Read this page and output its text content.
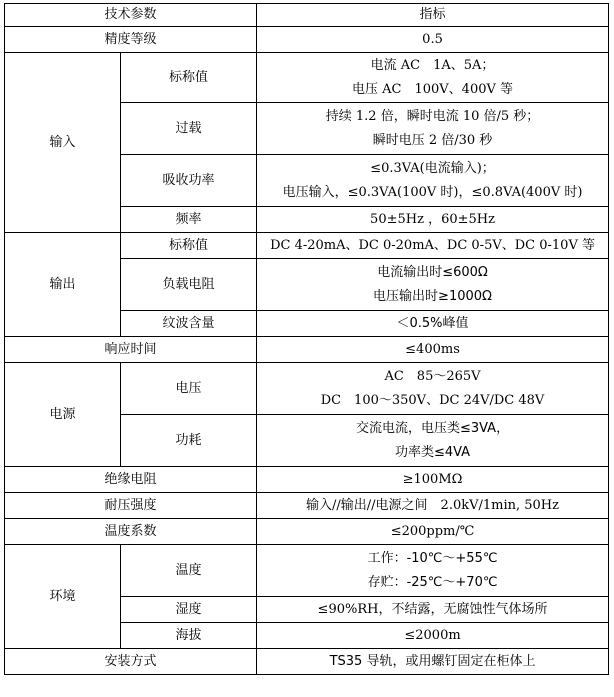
技术参数		指标
精度等级		0.5
输入	标称值	电流 AC　1A、5A；
电压 AC　100V、400V 等

	过载	持续 1.2 倍，瞬时电流 10 倍/5 秒；
瞬时电压 2 倍/30 秒

	吸收功率	≤0.3VA(电流输入)；
电压输入，≤0.3VA(100V 时)，≤0.8VA(400V 时)

	频率	50±5Hz ，60±5Hz
输出	标称值	DC 4-20mA、DC 0-20mA、DC 0-5V、DC 0-10V 等
	负载电阻	电流输出时≤600Ω
电压输出时≥1000Ω

	纹波含量	＜0.5%峰值
响应时间		≤400ms
电源	电压	AC　85～265V
DC　100～350V、DC 24V/DC 48V

	功耗	交流电流，电压类≤3VA，
功率类≤4VA

绝缘电阻		≥100MΩ
耐压强度		输入//输出//电源之间　2.0kV/1min, 50Hz
温度系数		≤200ppm/℃
环境	温度	工作：-10℃～+55℃
存贮：-25℃～+70℃

	湿度	≤90%RH，不结露，无腐蚀性气体场所
	海拔	≤2000m
安装方式		TS35 导轨，或用螺钉固定在柜体上
